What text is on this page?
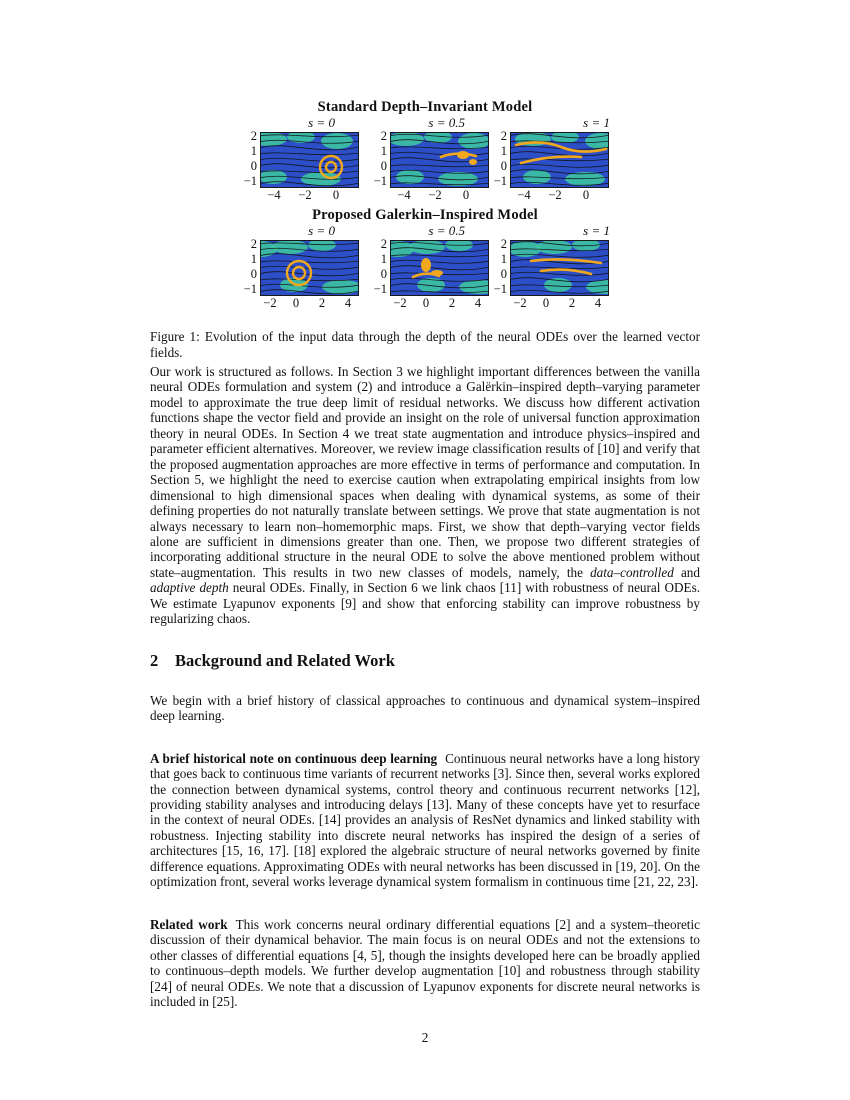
Standard Depth–Invariant Model
Proposed Galerkin–Inspired Model
s = 0
2
1
0
−1
−4	−2	0
s = 0.5
2
1
0
−1
−4	−2	0
s = 1
2
1
0
−1
−4	−2	0
s = 0
2
1
0
−1
−2	0	2	4
s = 0.5
2
1
0
−1
−2	0	2	4
s = 1
2
1
0
−1
−2	0	2	4
Figure 1: Evolution of the input data through the depth of the neural ODEs over the learned vector fields.

Our work is structured as follows. In Section 3 we highlight important differences between the vanilla neural ODEs formulation and system (2) and introduce a Galërkin–inspired depth–varying parameter model to approximate the true deep limit of residual networks. We discuss how different activation functions shape the vector field and provide an insight on the role of universal function approximation theory in neural ODEs. In Section 4 we treat state augmentation and introduce physics–inspired and parameter efficient alternatives. Moreover, we review image classification results of [10] and verify that the proposed augmentation approaches are more effective in terms of performance and computation. In Section 5, we highlight the need to exercise caution when extrapolating empirical insights from low dimensional to high dimensional spaces when dealing with dynamical systems, as some of their defining properties do not naturally translate between settings. We prove that state augmentation is not always necessary to learn non–homemorphic maps. First, we show that depth–varying vector fields alone are sufficient in dimensions greater than one. Then, we propose two different strategies of incorporating additional structure in the neural ODE to solve the above mentioned problem without state–augmentation. This results in two new classes of models, namely, the data–controlled and adaptive depth neural ODEs. Finally, in Section 6 we link chaos [11] with robustness of neural ODEs. We estimate Lyapunov exponents [9] and show that enforcing stability can improve robustness by regularizing chaos.

2 Background and Related Work

We begin with a brief history of classical approaches to continuous and dynamical system–inspired deep learning.

A brief historical note on continuous deep learning Continuous neural networks have a long history that goes back to continuous time variants of recurrent networks [3]. Since then, several works explored the connection between dynamical systems, control theory and continuous recurrent networks [12], providing stability analyses and introducing delays [13]. Many of these concepts have yet to resurface in the context of neural ODEs. [14] provides an analysis of ResNet dynamics and linked stability with robustness. Injecting stability into discrete neural networks has inspired the design of a series of architectures [15, 16, 17]. [18] explored the algebraic structure of neural networks governed by finite difference equations. Approximating ODEs with neural networks has been discussed in [19, 20]. On the optimization front, several works leverage dynamical system formalism in continuous time [21, 22, 23].

Related work This work concerns neural ordinary differential equations [2] and a system–theoretic discussion of their dynamical behavior. The main focus is on neural ODEs and not the extensions to other classes of differential equations [4, 5], though the insights developed here can be broadly applied to continuous–depth models. We further develop augmentation [10] and robustness through stability [24] of neural ODEs. We note that a discussion of Lyapunov exponents for discrete neural networks is included in [25].

2
